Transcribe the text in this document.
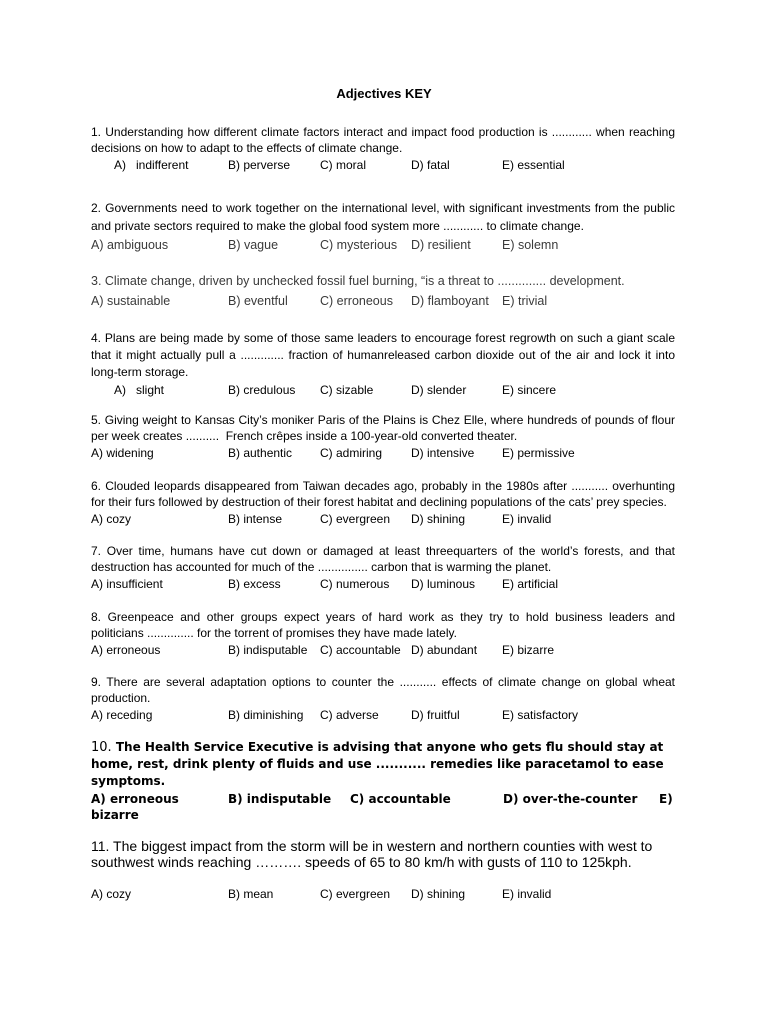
Adjectives KEY
1. Understanding how different climate factors interact and impact food production is ............ when reaching decisions on how to adapt to the effects of climate change.
A)   indifferent	B) perverse C) moral	D) fatal	E) essential
2. Governments need to work together on the international level, with significant investments from the public and private sectors required to make the global food system more ............ to climate change.
A) ambiguous	B) vague	C) mysterious D) resilient	E) solemn
3. Climate change, driven by unchecked fossil fuel burning, “is a threat to .............. development.
A) sustainable	B) eventful	C) erroneous D) flamboyant E) trivial
4. Plans are being made by some of those same leaders to encourage forest regrowth on such a giant scale that it might actually pull a ............. fraction of humanreleased carbon dioxide out of the air and lock it into long-term storage.
A)   slight	B) credulous C) sizable	D) slender	E) sincere
5. Giving weight to Kansas City’s moniker Paris of the Plains is Chez Elle, where hundreds of pounds of flour per week creates ..........  French crêpes inside a 100-year-old converted theater.
A) widening	B) authentic C) admiring D) intensive E) permissive
6. Clouded leopards disappeared from Taiwan decades ago, probably in the 1980s after ........... overhunting for their furs followed by destruction of their forest habitat and declining populations of the cats’ prey species.
A) cozy	B) intense	C) evergreen D) shining	E) invalid
7. Over time, humans have cut down or damaged at least threequarters of the world’s forests, and that destruction has accounted for much of the ............... carbon that is warming the planet.
A) insufficient	B) excess	C) numerous D) luminous E) artificial
8. Greenpeace and other groups expect years of hard work as they try to hold business leaders and politicians .............. for the torrent of promises they have made lately.
A) erroneous	B) indisputable C) accountable D) abundant E) bizarre
9. There are several adaptation options to counter the ........... effects of climate change on global wheat production.
A) receding	B) diminishing C) adverse	D) fruitful	E) satisfactory
10. The Health Service Executive is advising that anyone who gets flu should stay at home, rest, drink plenty of fluids and use ........... remedies like paracetamol to ease symptoms.
A) erroneous	B) indisputable C) accountable	D) over-the-counter E) bizarre
11. The biggest impact from the storm will be in western and northern counties with west to southwest winds reaching ………. speeds of 65 to 80 km/h with gusts of 110 to 125kph.
A) cozy	B) mean	C) evergreen D) shining	E) invalid
